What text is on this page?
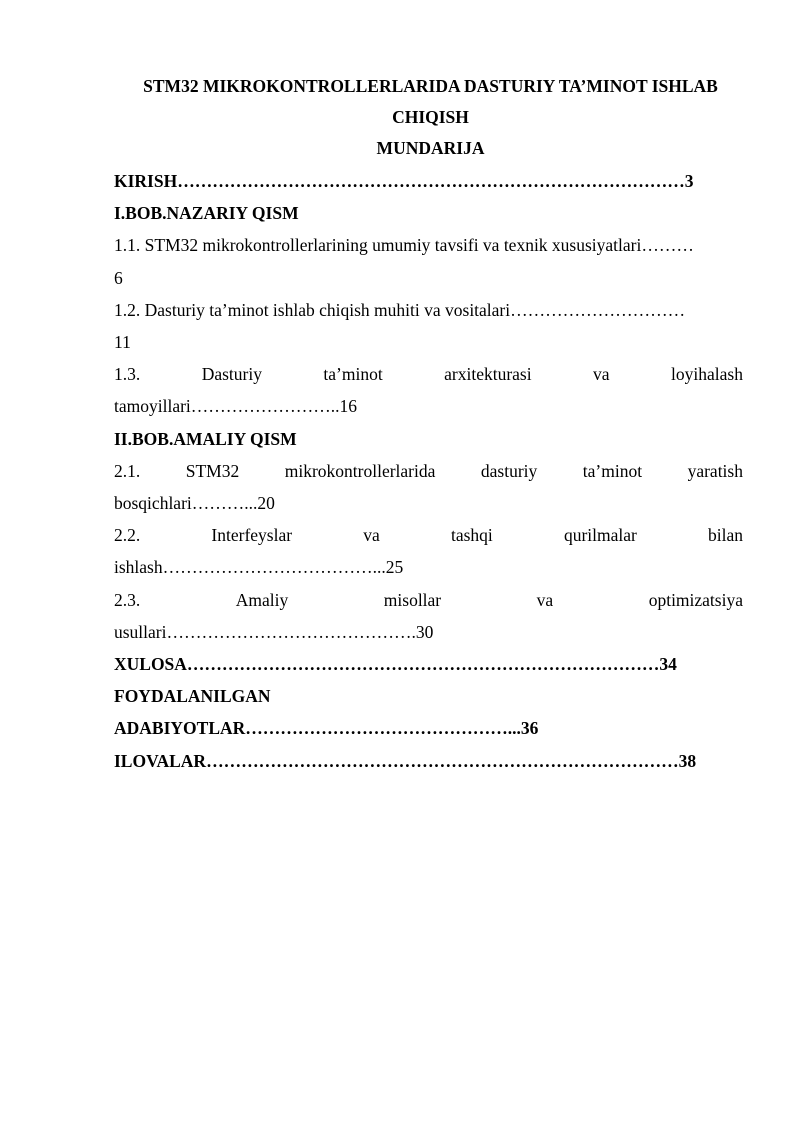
STM32 MIKROKONTROLLERLARIDA DASTURIY TA’MINOT ISHLAB

CHIQISH

MUNDARIJA

KIRISH……………………………………………………………………………3

I.BOB.NAZARIY QISM

1.1. STM32 mikrokontrollerlarining umumiy tavsifi va texnik xususiyatlari………

6

1.2. Dasturiy ta’minot ishlab chiqish muhiti va vositalari…………………………

11

1.3.	Dasturiy	ta’minot	arxitekturasi	va	loyihalash

tamoyillari……………………..16

II.BOB.AMALIY QISM

2.1.	STM32	mikrokontrollerlarida	dasturiy	ta’minot	yaratish

bosqichlari………...20

2.2.	Interfeyslar	va	tashqi	qurilmalar	bilan

ishlash………………………………...25

2.3.	Amaliy	misollar	va	optimizatsiya

usullari…………………………………….30

XULOSA………………………………………………………………………34

FOYDALANILGAN

ADABIYOTLAR………………………………………...36

ILOVALAR………………………………………………………………………38
